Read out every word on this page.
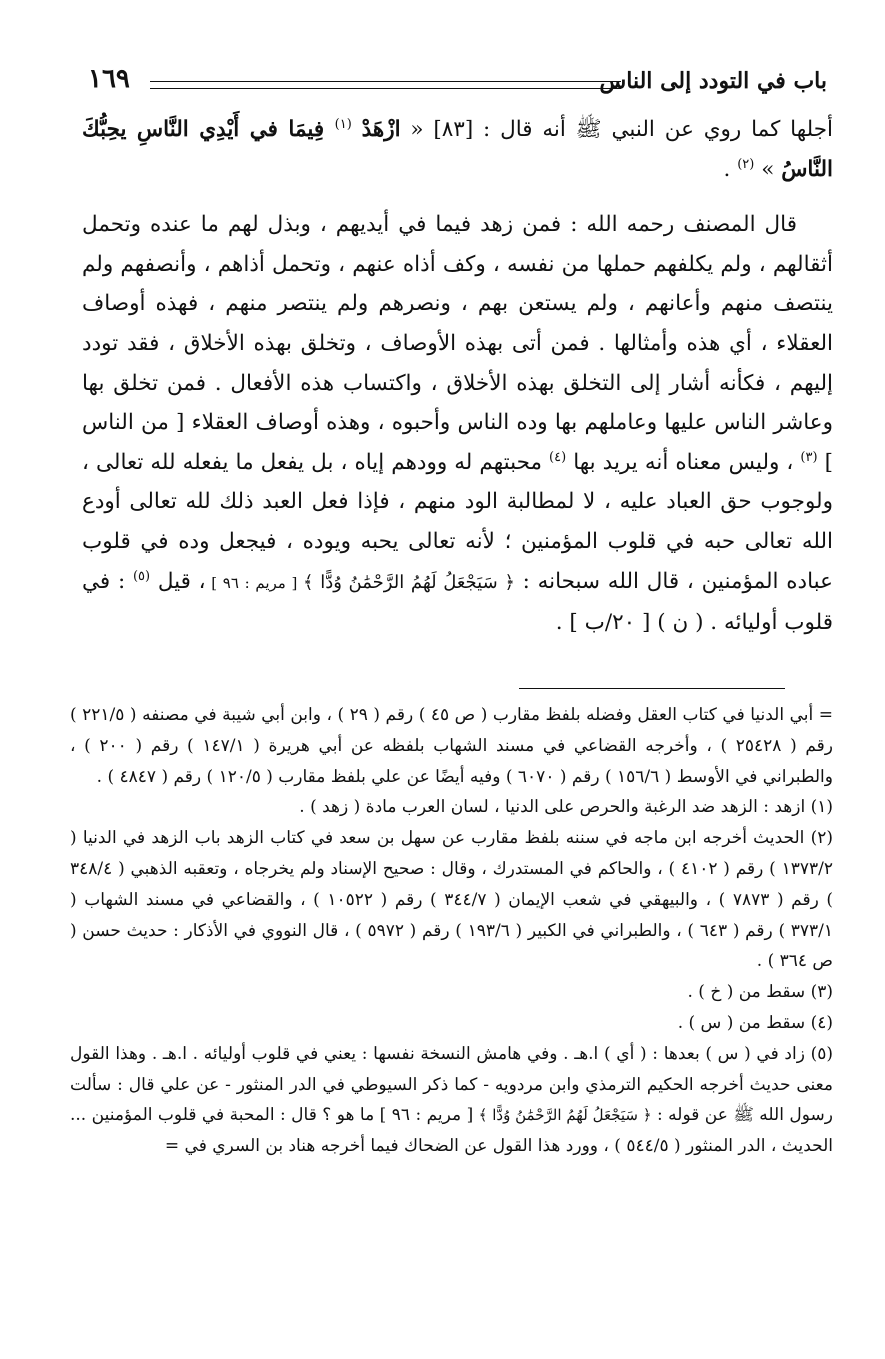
باب في التودد إلى الناس
١٦٩

أجلها كما روي عن النبي ﷺ أنه قال : [٨٣] « ازْهَدْ $^{(١)}$ فِيمَا في أَيْدِي النَّاسِ يحِبُّكَ النَّاسُ » $^{(٢)}$ .

قال المصنف رحمه الله : فمن زهد فيما في أيديهم ، وبذل لهم ما عنده وتحمل أثقالهم ، ولم يكلفهم حملها من نفسه ، وكف أذاه عنهم ، وتحمل أذاهم ، وأنصفهم ولم ينتصف منهم وأعانهم ، ولم يستعن بهم ، ونصرهم ولم ينتصر منهم ، فهذه أوصاف العقلاء ، أي هذه وأمثالها . فمن أتى بهذه الأوصاف ، وتخلق بهذه الأخلاق ، فقد تودد إليهم ، فكأنه أشار إلى التخلق بهذه الأخلاق ، واكتساب هذه الأفعال . فمن تخلق بها وعاشر الناس عليها وعاملهم بها وده الناس وأحبوه ، وهذه أوصاف العقلاء [ من الناس ] $^{(٣)}$ ، وليس معناه أنه يريد بها $^{(٤)}$ محبتهم له وودهم إياه ، بل يفعل ما يفعله لله تعالى ، ولوجوب حق العباد عليه ، لا لمطالبة الود منهم ، فإذا فعل العبد ذلك لله تعالى أودع الله تعالى حبه في قلوب المؤمنين ؛ لأنه تعالى يحبه ويوده ، فيجعل وده في قلوب عباده المؤمنين ، قال الله سبحانه : ﴿ سَيَجْعَلُ لَهُمُ الرَّحْمَٰنُ وُدًّا ﴾ [ مريم : ٩٦ ] ، قيل $^{(٥)}$ : في قلوب أوليائه . ( ن ) [ ٢٠/ب ] .

= أبي الدنيا في كتاب العقل وفضله بلفظ مقارب ( ص ٤٥ ) رقم ( ٢٩ ) ، وابن أبي شيبة في مصنفه ( ٢٢١/٥ ) رقم ( ٢٥٤٢٨ ) ، وأخرجه القضاعي في مسند الشهاب بلفظه عن أبي هريرة ( ١٤٧/١ ) رقم ( ٢٠٠ ) ، والطبراني في الأوسط ( ١٥٦/٦ ) رقم ( ٦٠٧٠ ) وفيه أيضًا عن علي بلفظ مقارب ( ١٢٠/٥ ) رقم ( ٤٨٤٧ ) .

(١) ازهد : الزهد ضد الرغبة والحرص على الدنيا ، لسان العرب مادة ( زهد ) .

(٢) الحديث أخرجه ابن ماجه في سننه بلفظ مقارب عن سهل بن سعد في كتاب الزهد باب الزهد في الدنيا ( ١٣٧٣/٢ ) رقم ( ٤١٠٢ ) ، والحاكم في المستدرك ، وقال : صحيح الإسناد ولم يخرجاه ، وتعقبه الذهبي ( ٣٤٨/٤ ) رقم ( ٧٨٧٣ ) ، والبيهقي في شعب الإيمان ( ٣٤٤/٧ ) رقم ( ١٠٥٢٢ ) ، والقضاعي في مسند الشهاب ( ٣٧٣/١ ) رقم ( ٦٤٣ ) ، والطبراني في الكبير ( ١٩٣/٦ ) رقم ( ٥٩٧٢ ) ، قال النووي في الأذكار : حديث حسن ( ص ٣٦٤ ) .

(٣) سقط من ( خ ) .

(٤) سقط من ( س ) .

(٥) زاد في ( س ) بعدها : ( أي ) ا.هـ . وفي هامش النسخة نفسها : يعني في قلوب أوليائه . ا.هـ . وهذا القول معنى حديث أخرجه الحكيم الترمذي وابن مردويه - كما ذكر السيوطي في الدر المنثور - عن علي قال : سألت رسول الله ﷺ عن قوله : ﴿ سَيَجْعَلُ لَهُمُ الرَّحْمَٰنُ وُدًّا ﴾ [ مريم : ٩٦ ] ما هو ؟ قال : المحبة في قلوب المؤمنين ... الحديث ، الدر المنثور ( ٥٤٤/٥ ) ، وورد هذا القول عن الضحاك فيما أخرجه هناد بن السري في =
